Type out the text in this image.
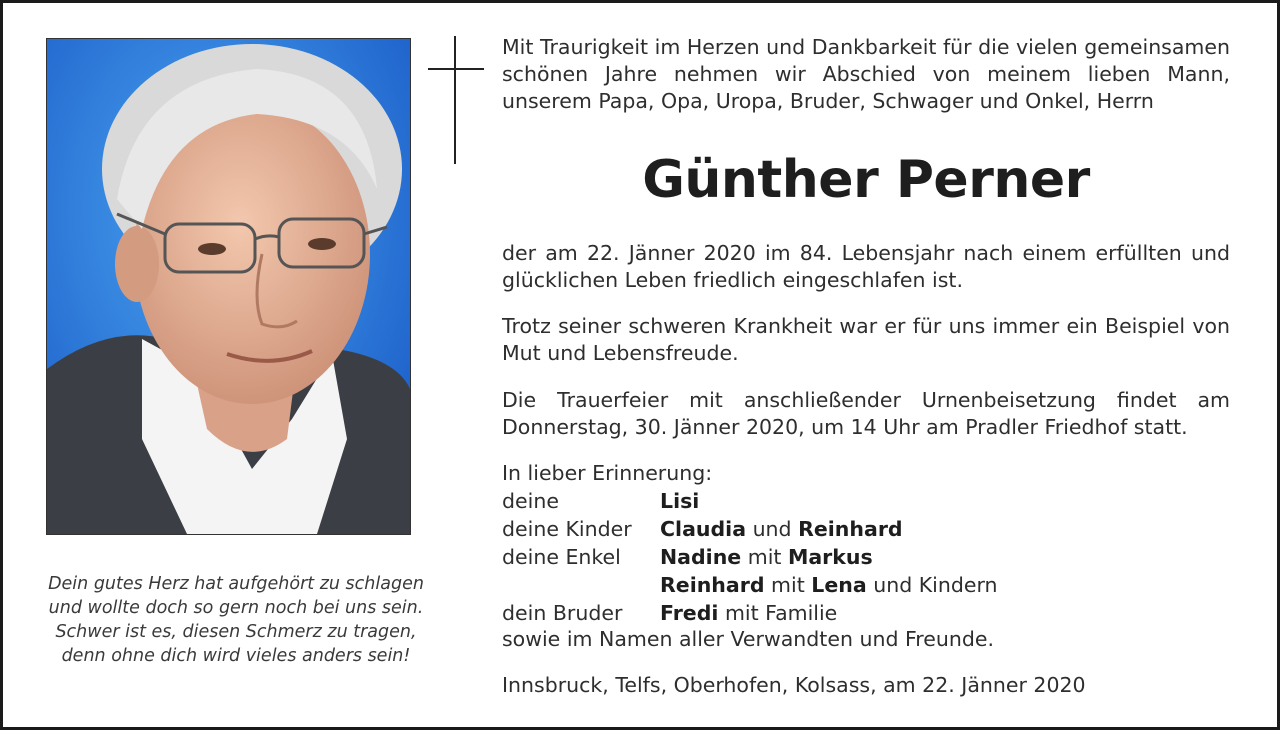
Dein gutes Herz hat aufgehört zu schlagen
und wollte doch so gern noch bei uns sein.
Schwer ist es, diesen Schmerz zu tragen,
denn ohne dich wird vieles anders sein!
Mit Traurigkeit im Herzen und Dankbarkeit für die vielen gemeinsamen schönen Jahre nehmen wir Abschied von meinem lieben Mann, unserem Papa, Opa, Uropa, Bruder, Schwager und Onkel, Herrn
Günther Perner
der am 22. Jänner 2020 im 84. Lebensjahr nach einem erfüllten und glücklichen Leben friedlich eingeschlafen ist.
Trotz seiner schweren Krankheit war er für uns immer ein Beispiel von Mut und Lebensfreude.
Die Trauerfeier mit anschließender Urnenbeisetzung findet am Donnerstag, 30. Jänner 2020, um 14 Uhr am Pradler Friedhof statt.
In lieber Erinnerung:
deine	Lisi
deine Kinder Claudia und Reinhard
deine Enkel Nadine mit Markus
Reinhard mit Lena und Kindern
dein Bruder Fredi mit Familie
sowie im Namen aller Verwandten und Freunde.
Innsbruck, Telfs, Oberhofen, Kolsass, am 22. Jänner 2020
